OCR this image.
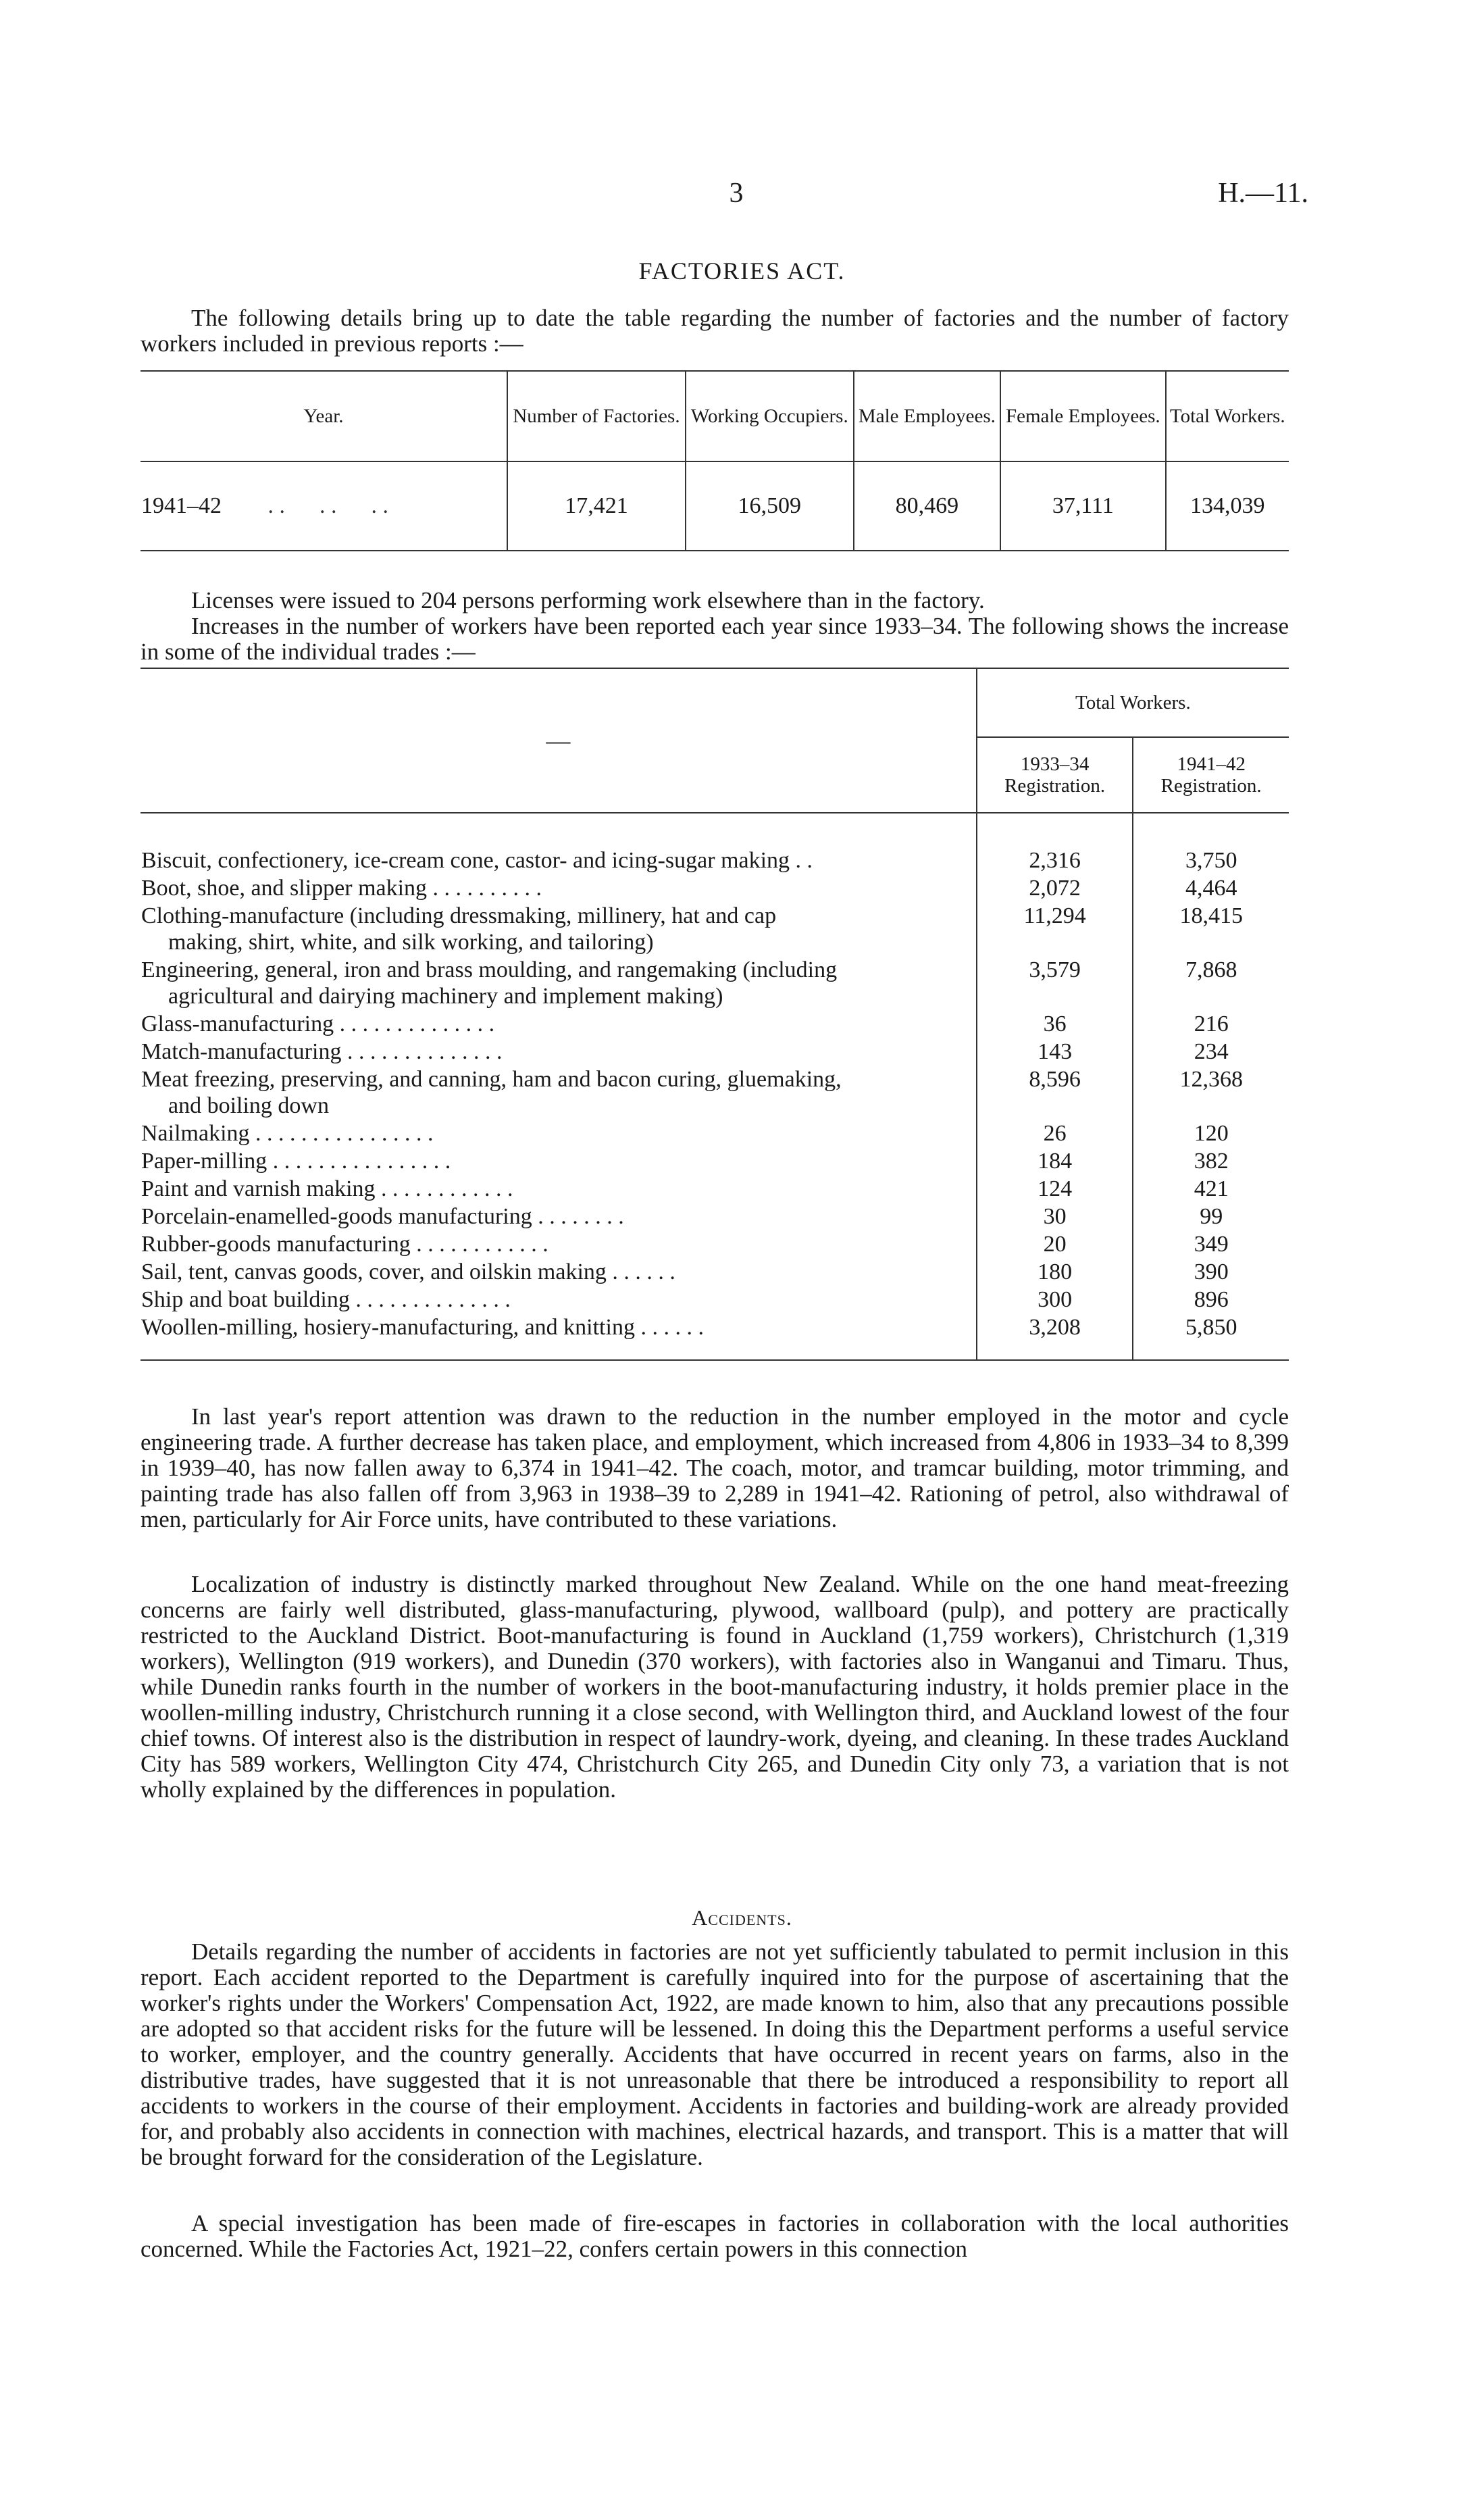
3	H.—11.
FACTORIES ACT.
The following details bring up to date the table regarding the number of factories and the number of factory workers included in previous reports :—
Year.	Number of Factories.	Working Occupiers.	Male Employees.	Female Employees.	Total Workers.
1941–42 . .      . .      . .	17,421	16,509	80,469	37,111	134,039
Licenses were issued to 204 persons performing work elsewhere than in the factory.
Increases in the number of workers have been reported each year since 1933–34. The following shows the increase in some of the individual trades :—
—	Total Workers.	
	1933–34 Registration.	1941–42 Registration.

Biscuit, confectionery, ice-cream cone, castor- and icing-sugar making . .	2,316	3,750

Boot, shoe, and slipper making . . . . . . . . . .	2,072	4,464

Clothing-manufacture (including dressmaking, millinery, hat and cap
making, shirt, white, and silk working, and tailoring)	11,294	18,415

Engineering, general, iron and brass moulding, and rangemaking (including
agricultural and dairying machinery and implement making)	3,579	7,868

Glass-manufacturing . . . . . . . . . . . . . .	36	216

Match-manufacturing . . . . . . . . . . . . . .	143	234

Meat freezing, preserving, and canning, ham and bacon curing, gluemaking,
and boiling down	8,596	12,368

Nailmaking . . . . . . . . . . . . . . . .	26	120

Paper-milling . . . . . . . . . . . . . . . .	184	382

Paint and varnish making . . . . . . . . . . . .	124	421

Porcelain-enamelled-goods manufacturing . . . . . . . .	30	99

Rubber-goods manufacturing . . . . . . . . . . . .	20	349

Sail, tent, canvas goods, cover, and oilskin making . . . . . .	180	390

Ship and boat building . . . . . . . . . . . . . .	300	896

Woollen-milling, hosiery-manufacturing, and knitting . . . . . .	3,208	5,850
In last year's report attention was drawn to the reduction in the number employed in the motor and cycle engineering trade. A further decrease has taken place, and employment, which increased from 4,806 in 1933–34 to 8,399 in 1939–40, has now fallen away to 6,374 in 1941–42. The coach, motor, and tramcar building, motor trimming, and painting trade has also fallen off from 3,963 in 1938–39 to 2,289 in 1941–42. Rationing of petrol, also withdrawal of men, particularly for Air Force units, have contributed to these variations.
Localization of industry is distinctly marked throughout New Zealand. While on the one hand meat-freezing concerns are fairly well distributed, glass-manufacturing, plywood, wallboard (pulp), and pottery are practically restricted to the Auckland District. Boot-manufacturing is found in Auckland (1,759 workers), Christchurch (1,319 workers), Wellington (919 workers), and Dunedin (370 workers), with factories also in Wanganui and Timaru. Thus, while Dunedin ranks fourth in the number of workers in the boot-manufacturing industry, it holds premier place in the woollen-milling industry, Christchurch running it a close second, with Wellington third, and Auckland lowest of the four chief towns. Of interest also is the distribution in respect of laundry-work, dyeing, and cleaning. In these trades Auckland City has 589 workers, Wellington City 474, Christchurch City 265, and Dunedin City only 73, a variation that is not wholly explained by the differences in population.
Accidents.
Details regarding the number of accidents in factories are not yet sufficiently tabulated to permit inclusion in this report. Each accident reported to the Department is carefully inquired into for the purpose of ascertaining that the worker's rights under the Workers' Compensation Act, 1922, are made known to him, also that any precautions possible are adopted so that accident risks for the future will be lessened. In doing this the Department performs a useful service to worker, employer, and the country generally. Accidents that have occurred in recent years on farms, also in the distributive trades, have suggested that it is not unreasonable that there be introduced a responsibility to report all accidents to workers in the course of their employment. Accidents in factories and building-work are already provided for, and probably also accidents in connection with machines, electrical hazards, and transport. This is a matter that will be brought forward for the consideration of the Legislature.
A special investigation has been made of fire-escapes in factories in collaboration with the local authorities concerned. While the Factories Act, 1921–22, confers certain powers in this connection
